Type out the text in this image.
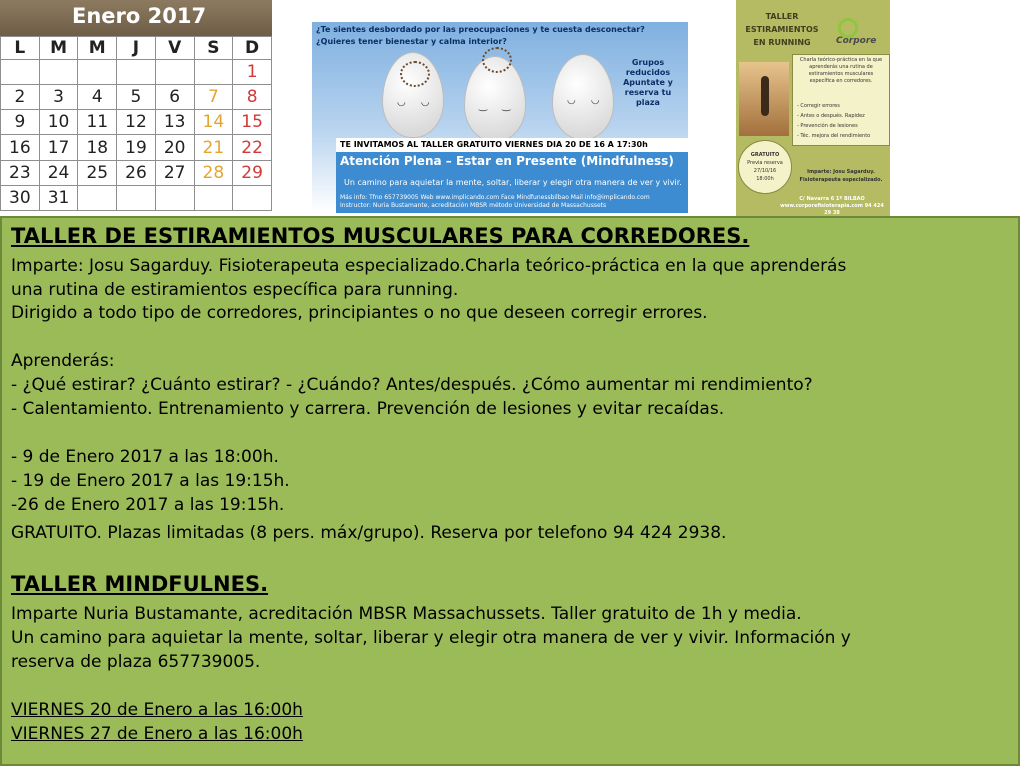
Enero 2017
L	M	M	J	V	S	D
						1
2	3	4	5	6	7	8
9	10	11	12	13	14	15
16	17	18	19	20	21	22
23	24	25	26	27	28	29
30	31					
¿Te sientes desbordado por las preocupaciones y te cuesta desconectar?
¿Quieres tener bienestar y calma interior?
◡ ◡	‿ ‿
◡ ◡
Grupos reducidos Apuntate y reserva tu plaza
TE INVITAMOS AL TALLER GRATUITO VIERNES DIA 20 DE 16 A 17:30h
Atención Plena – Estar en Presente (Mindfulness)
Un camino para aquietar la mente, soltar, liberar y elegir otra manera de ver y vivir.
Más info: Tfno 657739005 Web www.implicando.com Face Mindfunessbilbao Mail info@implicando.com
Instructor: Nuria Bustamante, acreditación MBSR método Universidad de Massachussets
TALLER ESTIRAMIENTOS EN RUNNING	Corpore
Charla teórico-práctica en la que aprenderás una rutina de estiramientos musculares específica en corredores.
- Corregir errores
- Antes o después. Rapidez
- Prevención de lesiones
- Téc. mejora del rendimiento
GRATUITO
Previa reserva
27/10/16
18:00h
Imparte: Josu Sagarduy. Fisioterapeuta especializado.
C/ Navarra 6 1º BILBAO www.corporefisioterapia.com 94 424 29 38
TALLER DE ESTIRAMIENTOS MUSCULARES PARA CORREDORES.
Imparte: Josu Sagarduy. Fisioterapeuta especializado.Charla teórico-práctica en la que aprenderás
una rutina de estiramientos específica para running.
Dirigido a todo tipo de corredores, principiantes o no que deseen corregir errores.
Aprenderás:
- ¿Qué estirar? ¿Cuánto estirar? - ¿Cuándo? Antes/después. ¿Cómo aumentar mi rendimiento?
- Calentamiento. Entrenamiento y carrera. Prevención de lesiones y evitar recaídas.
- 9 de Enero 2017 a las 18:00h.
- 19 de Enero 2017 a las 19:15h.
-26 de Enero 2017 a las 19:15h.
GRATUITO. Plazas limitadas (8 pers. máx/grupo). Reserva por telefono 94 424 2938.
TALLER MINDFULNES.
Imparte Nuria Bustamante, acreditación MBSR Massachussets. Taller gratuito de 1h y media.
Un camino para aquietar la mente, soltar, liberar y elegir otra manera de ver y vivir. Información y
reserva de plaza 657739005.
VIERNES 20 de Enero a las 16:00h
VIERNES 27 de Enero a las 16:00h
